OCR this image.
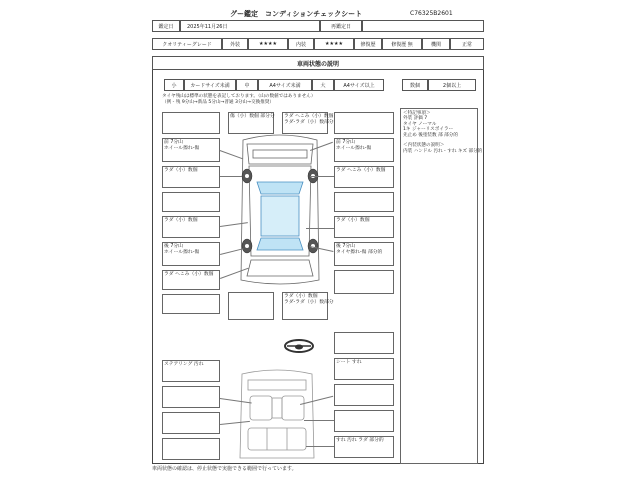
グー鑑定　コンディションチェックシート	C76325B2601
鑑定日	2025年11月26日	再鑑定日
クオリティーグレード	外装	★★★★	内装	★★★★	修復歴	修復歴 無	機関	正常
車両状態の説明
小	カードサイズ未満	中	A4サイズ未満	大	A4サイズ以上	数個	2個以上
タイヤ残山は標準の状態を表記しております。（山の数値ではありません）
（例 - 残 9分山→新品 5分山→普通 3分山→交換推奨）
前 7分山
ホイール擦れ-傷
ラダ（小）数個
ラダ（小）数個
後 7分山
ホイール擦れ-傷
ラダ へこみ（小）数個
傷（小）数個 部分分 ラダ へこみ（小）数個
ラダ-ラダ（小）数部分
前 7分山
ホイール擦れ-傷
ラダ へこみ（小）数個
ラダ（小）数個
後 7分山
タイヤ擦れ-傷 部分的
ラダ（小）数個
ラダ-ラダ（小）数部分
＜特記事項＞
外装 評価 7
タイヤ ノーマル
1キ ジャーリスポイラー
先止め 後塗装数 部 部分的

＜内装状態の説明＞
内装 ハンドル 汚れ・すれ キズ 部分的
ステアリング 汚れ	シート すれ
すれ 汚れ ラダ 部分的
車両状態の確認は、停止状態で実施できる範囲で行っています。
